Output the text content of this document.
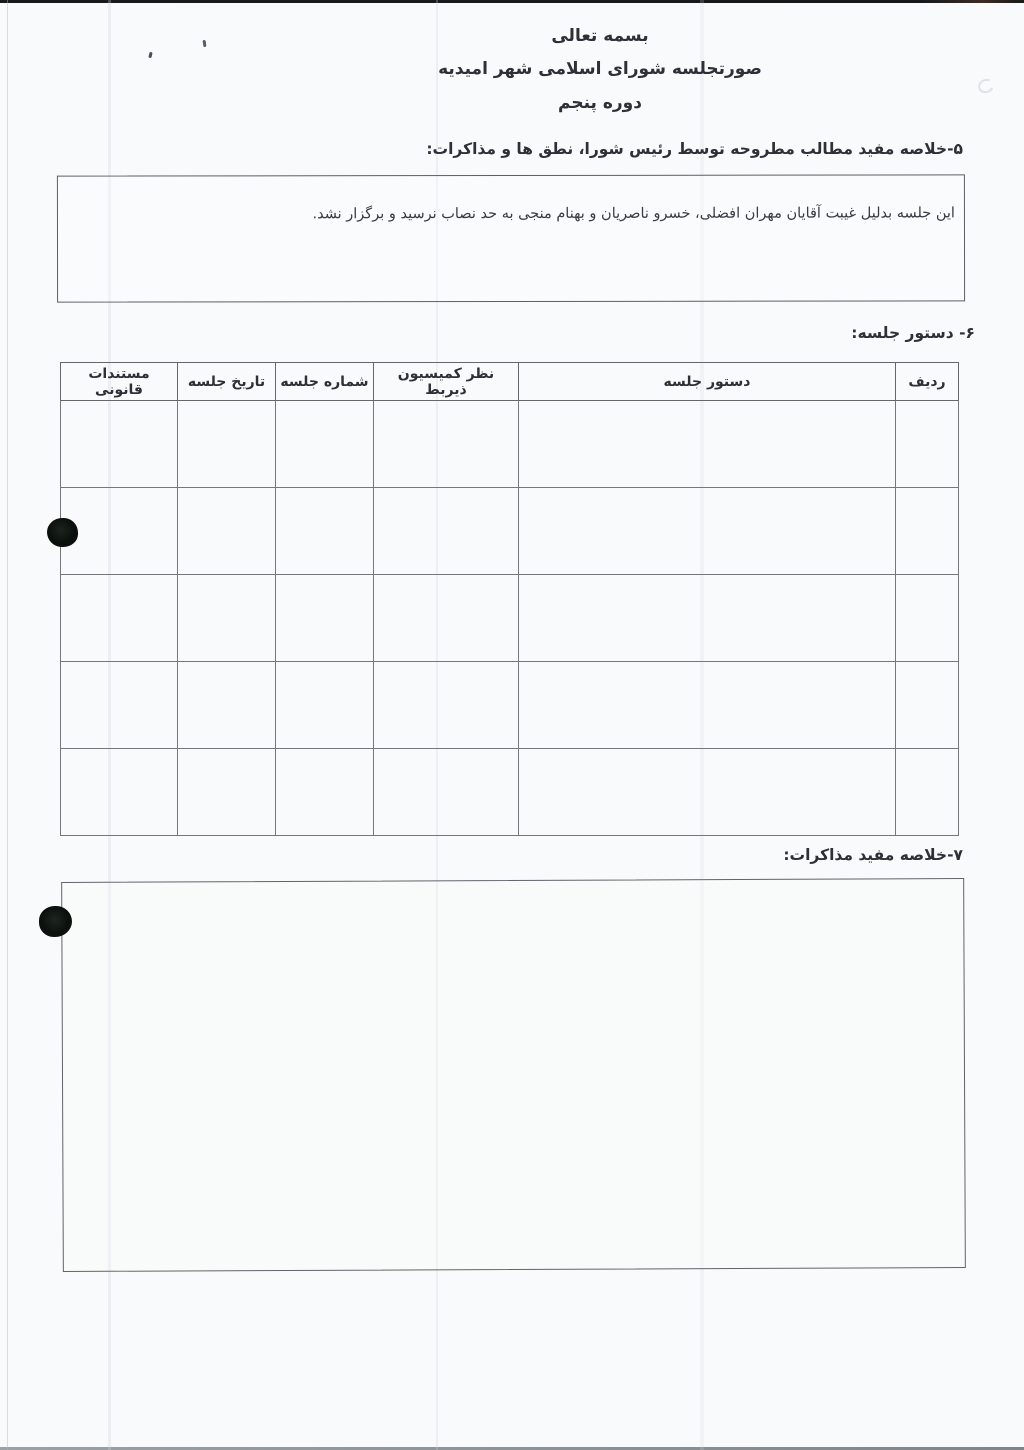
بسمه تعالی
صورتجلسه شورای اسلامی شهر امیدیه
دوره پنجم
۵-خلاصه مفید مطالب مطروحه توسط رئیس شورا، نطق ها و مذاکرات:

این جلسه بدلیل غیبت آقایان مهران افضلی، خسرو ناصریان و بهنام منجی به حد نصاب نرسید و برگزار نشد.

۶- دستور جلسه:
ردیف	دستور جلسه	نظر کمیسیون ذیربط	شماره جلسه	تاریخ جلسه	مستندات قانونی

۷-خلاصه مفید مذاکرات:
